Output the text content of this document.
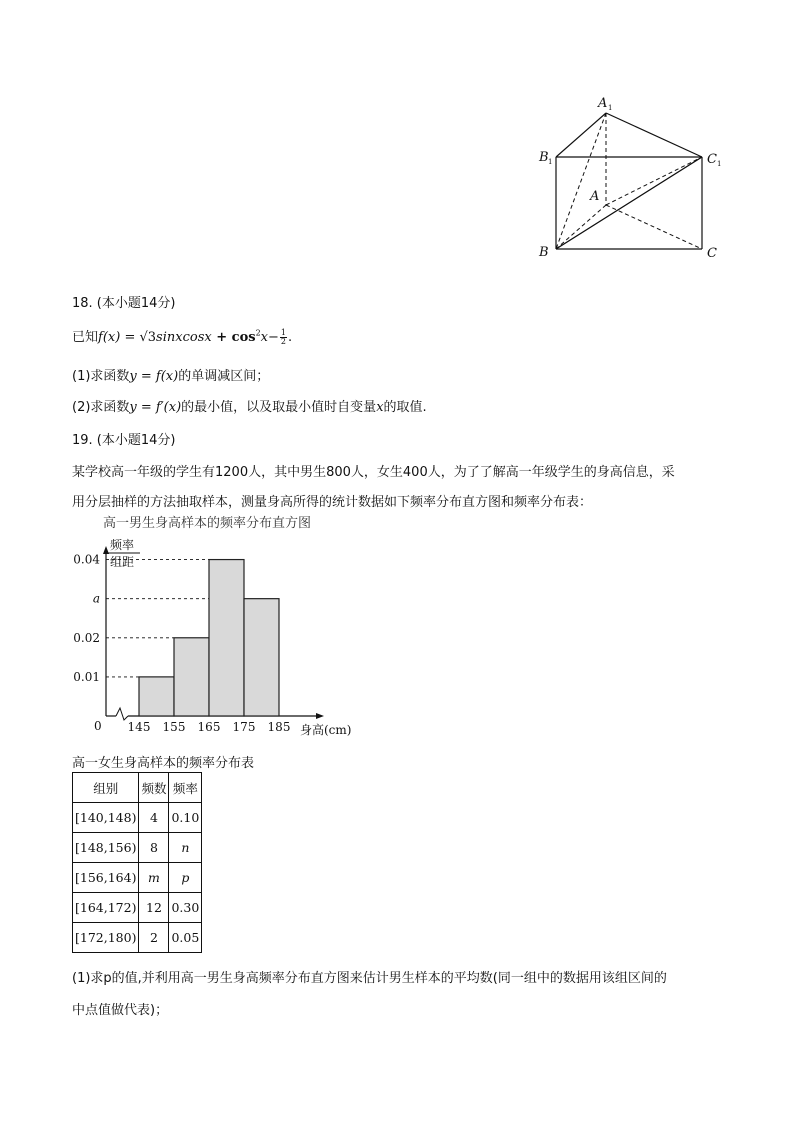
A 1
B 1	C 1
A
B	C
18. (本小题14分)
已知f(x) = √3sinxcosx + $\cos^2x- \frac{1}{2}$ .
(1)求函数y = f(x)的单调减区间；
(2)求函数y = f′(x)的最小值，以及取最小值时自变量x的取值.
19. (本小题14分)
某学校高一年级的学生有1200人，其中男生800人，女生400人，为了了解高一年级学生的身高信息，采
用分层抽样的方法抽取样本，测量身高所得的统计数据如下频率分布直方图和频率分布表：
高一男生身高样本的频率分布直方图
频率
组距
0	身高(cm)
0.04
a
0.02
0.01
145 155 165 175 185
高一女生身高样本的频率分布表
组别	频数	频率
[140,148)	4	0.10
[148,156)	8	n
[156,164)	m	p
[164,172)	12	0.30
[172,180)	2	0.05
(1)求p的值,并利用高一男生身高频率分布直方图来估计男生样本的平均数(同一组中的数据用该组区间的
中点值做代表)；
